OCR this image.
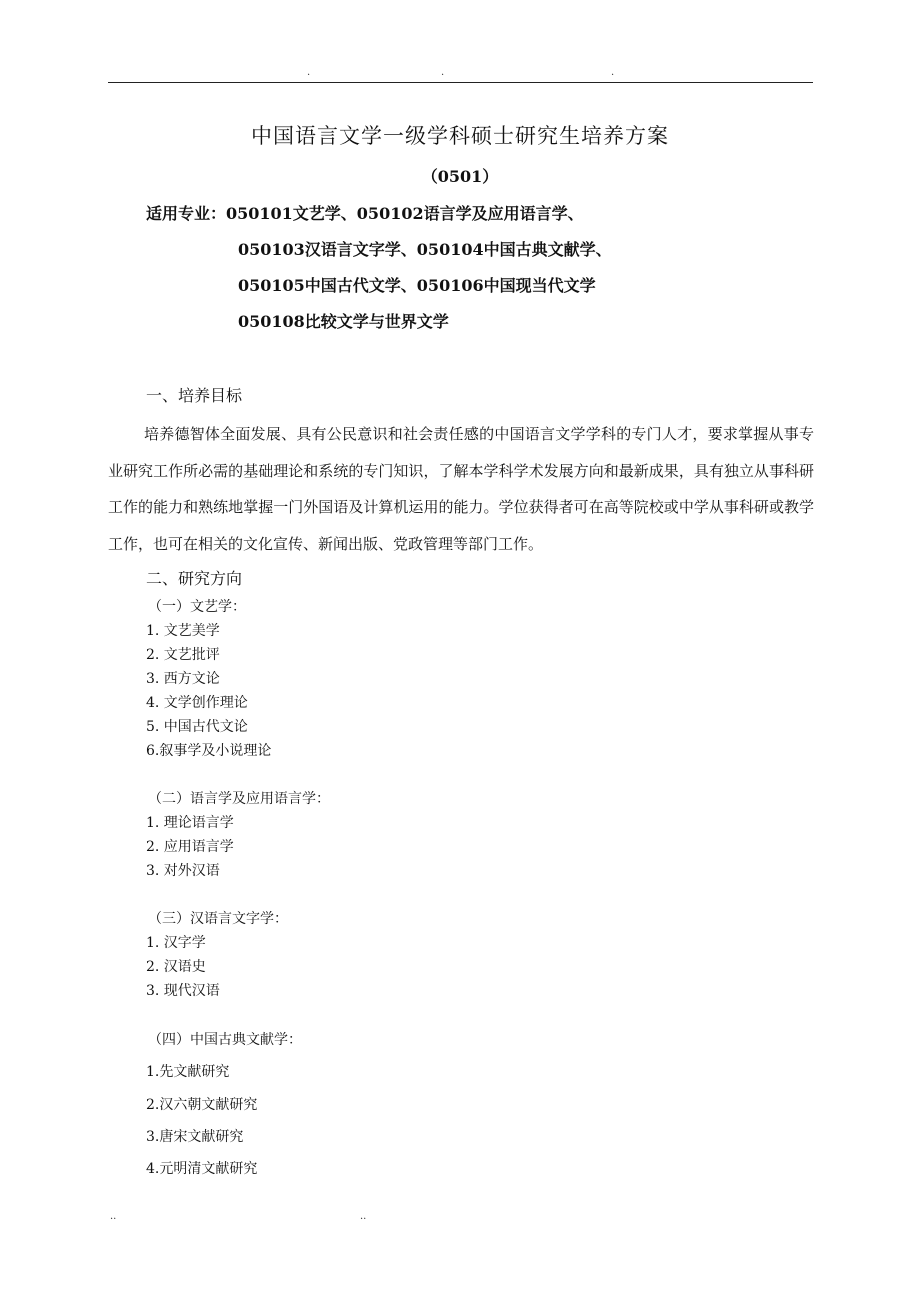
.	.	.
中国语言文学一级学科硕士研究生培养方案
（0501）
适用专业：050101文艺学、050102语言学及应用语言学、
050103汉语言文字学、050104中国古典文献学、
050105中国古代文学、050106中国现当代文学
050108比较文学与世界文学
一、培养目标
培养德智体全面发展、具有公民意识和社会责任感的中国语言文学学科的专门人才，要求掌握从事专业研究工作所必需的基础理论和系统的专门知识，了解本学科学术发展方向和最新成果，具有独立从事科研工作的能力和熟练地掌握一门外国语及计算机运用的能力。学位获得者可在高等院校或中学从事科研或教学工作，也可在相关的文化宣传、新闻出版、党政管理等部门工作。
二、研究方向
（一）文艺学：
1. 文艺美学
2. 文艺批评
3. 西方文论
4. 文学创作理论
5. 中国古代文论
6.叙事学及小说理论
（二）语言学及应用语言学：
1. 理论语言学
2. 应用语言学
3. 对外汉语
（三）汉语言文字学：
1. 汉字学
2. 汉语史
3. 现代汉语
（四）中国古典文献学：
1.先文献研究
2.汉六朝文献研究
3.唐宋文献研究
4.元明清文献研究
..	..
